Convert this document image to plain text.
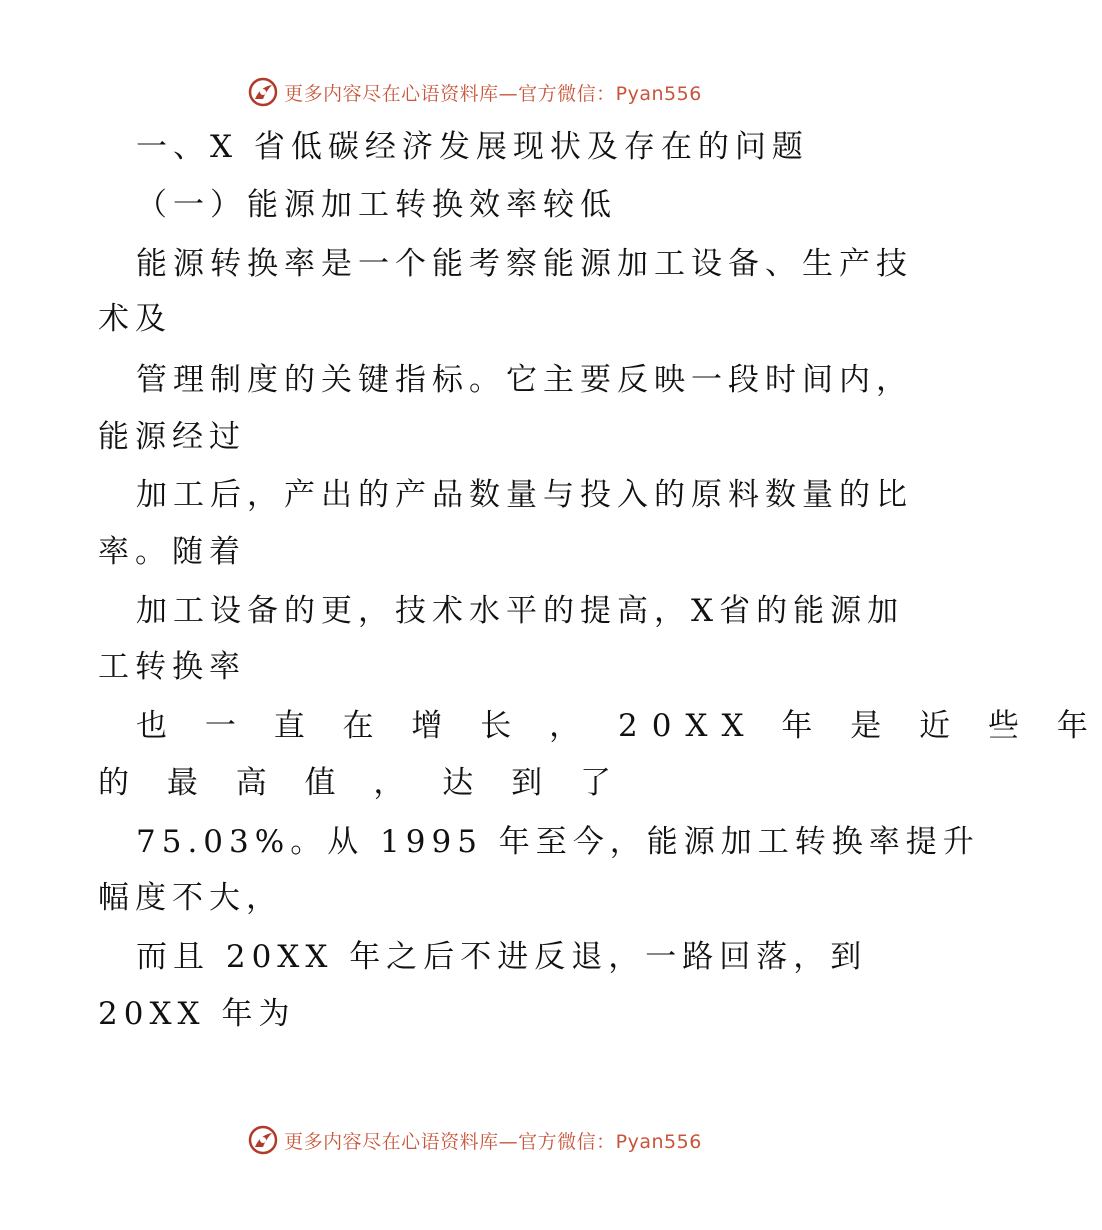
更多内容尽在心语资料库—官方微信：Pyan556
一、X 省低碳经济发展现状及存在的问题
（一）能源加工转换效率较低
能源转换率是一个能考察能源加工设备、生产技
术及
管理制度的关键指标。它主要反映一段时间内，
能源经过
加工后，产出的产品数量与投入的原料数量的比
率。随着
加工设备的更，技术水平的提高，X省的能源加
工转换率
也 一 直 在 增 长 ， 20XX 年 是 近 些 年
的 最 高 值 ， 达 到 了
75.03%。从 1995 年至今，能源加工转换率提升
幅度不大，
而且 20XX 年之后不进反退，一路回落，到
20XX 年为
更多内容尽在心语资料库—官方微信：Pyan556
